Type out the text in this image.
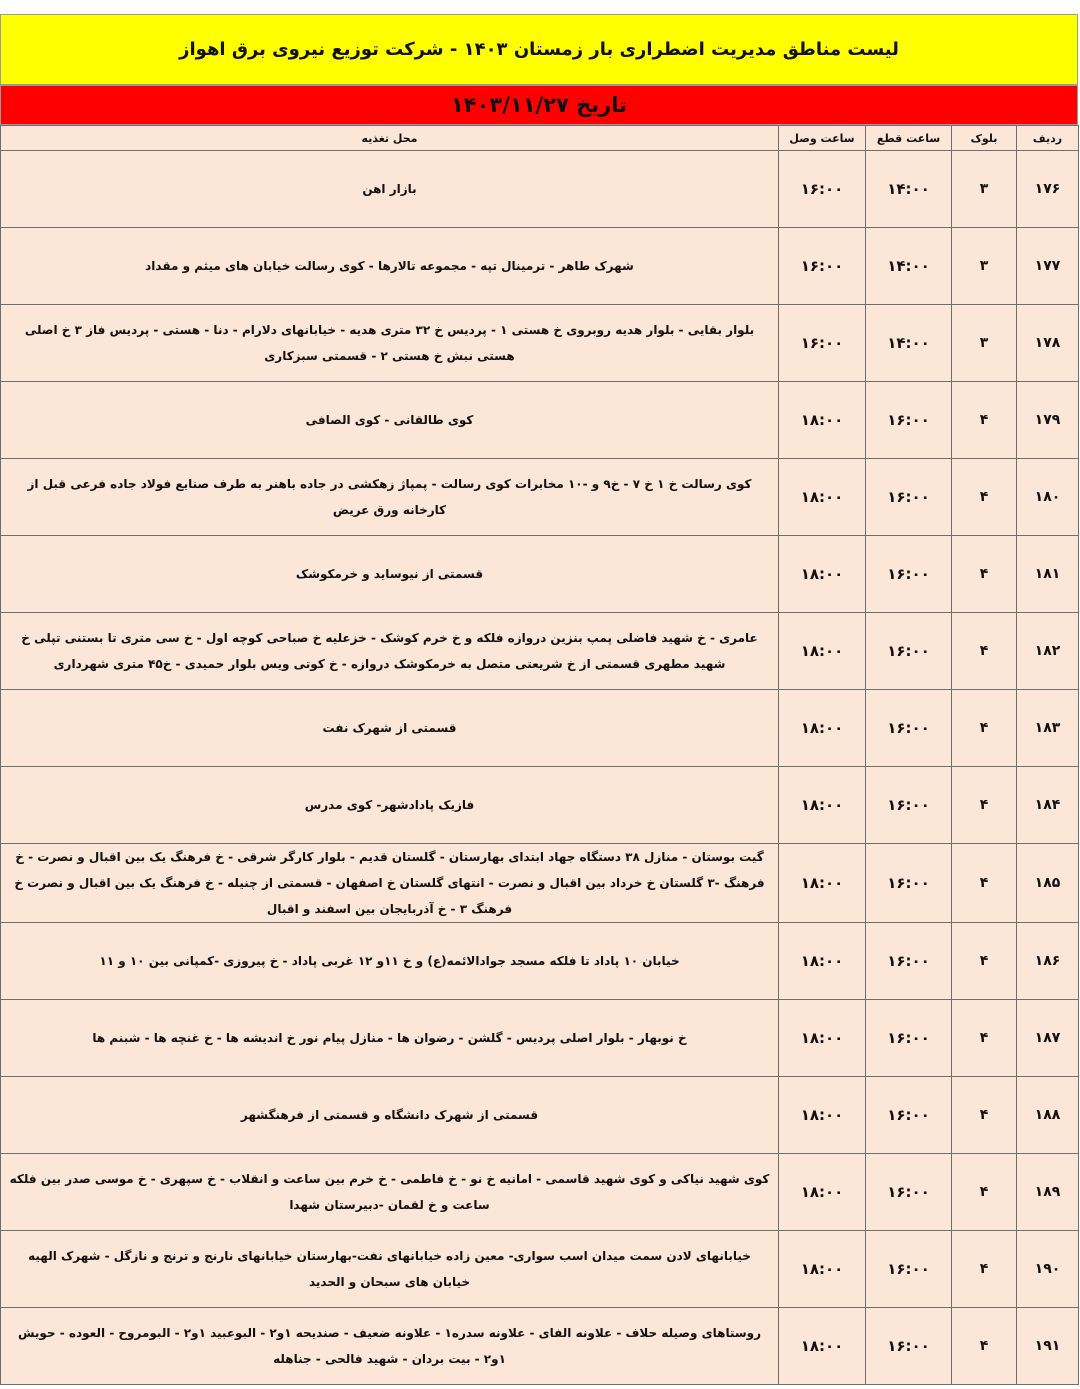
لیست مناطق مدیریت اضطراری بار زمستان ۱۴۰۳ - شرکت توزیع نیروی برق اهواز
تاریخ ۱۴۰۳/۱۱/۲۷
ردیف	بلوک	ساعت قطع	ساعت وصل	محل تغذیه
۱۷۶	۳	۱۴:۰۰	۱۶:۰۰	بازار اهن
۱۷۷	۳	۱۴:۰۰	۱۶:۰۰	شهرک طاهر - ترمینال تپه - مجموعه تالارها - کوی رسالت خیابان های میثم و مقداد
۱۷۸	۳	۱۴:۰۰	۱۶:۰۰	بلوار بقایی - بلوار هدیه روبروی خ هستی ۱ - پردیس خ ۳۲ متری هدیه - خیابانهای دلارام - دنا - هستی - پردیس فاز ۳ خ اصلی هستی نبش خ هستی ۲ - قسمتی سبزکاری
۱۷۹	۴	۱۶:۰۰	۱۸:۰۰	کوی طالقانی - کوی الصافی
۱۸۰	۴	۱۶:۰۰	۱۸:۰۰	کوی رسالت خ ۱ خ ۷ - خ۹ و -۱۰ مخابرات کوی رسالت - پمپاژ زهکشی در جاده باهنر به طرف صنایع فولاد جاده فرعی قبل از کارخانه ورق عریض
۱۸۱	۴	۱۶:۰۰	۱۸:۰۰	قسمتی از نیوساید و خرمکوشک
۱۸۲	۴	۱۶:۰۰	۱۸:۰۰	عامری - خ شهید فاضلی پمپ بنزین دروازه فلکه و خ خرم کوشک - خزعلیه خ صباحی کوچه اول - خ سی متری تا بستنی تپلی خ شهید مطهری قسمتی از خ شریعتی متصل به خرمکوشک دروازه - خ کوتی ویس بلوار حمیدی - خ۴۵ متری شهرداری
۱۸۳	۴	۱۶:۰۰	۱۸:۰۰	قسمتی از شهرک نفت
۱۸۴	۴	۱۶:۰۰	۱۸:۰۰	فازیک پادادشهر- کوی مدرس
۱۸۵	۴	۱۶:۰۰	۱۸:۰۰	گیت بوستان - منازل ۳۸ دستگاه جهاد ابتدای بهارستان - گلستان قدیم - بلوار کارگر شرقی - خ فرهنگ یک بین اقبال و نصرت - خ فرهنگ -۳ گلستان خ خرداد بین اقبال و نصرت - انتهای گلستان خ اصفهان - قسمتی از چنیله - خ فرهنگ یک بین اقبال و نصرت خ فرهنگ ۳ - خ آذربایجان بین اسفند و اقبال
۱۸۶	۴	۱۶:۰۰	۱۸:۰۰	خیابان ۱۰ پاداد تا فلکه مسجد جوادالائمه(ع) و خ ۱۱و ۱۲ غربی پاداد - خ پیروزی -کمپانی بین ۱۰ و ۱۱
۱۸۷	۴	۱۶:۰۰	۱۸:۰۰	خ نوبهار - بلوار اصلی پردیس - گلشن - رضوان ها - منازل پیام نور خ اندیشه ها - خ غنچه ها - شبنم ها
۱۸۸	۴	۱۶:۰۰	۱۸:۰۰	قسمتی از شهرک دانشگاه و قسمتی از فرهنگشهر
۱۸۹	۴	۱۶:۰۰	۱۸:۰۰	کوی شهید نیاکی و کوی شهید قاسمی - امانیه خ نو - خ فاطمی - خ خرم بین ساعت و انقلاب - خ سپهری - خ موسی صدر بین فلکه ساعت و خ لقمان -دبیرستان شهدا
۱۹۰	۴	۱۶:۰۰	۱۸:۰۰	خیابانهای لادن سمت میدان اسب سواری- معین زاده خیابانهای نفت-بهارستان خیابانهای نارنج و ترنج و نازگل - شهرک الهیه خیابان های سبحان و الحدید
۱۹۱	۴	۱۶:۰۰	۱۸:۰۰	روستاهای وصیله حلاف - علاونه الفای - علاونه سدره۱ - علاونه ضعیف - صندیحه ۱و۲ - البوعبید ۱و۲ - البومروح - العوده - حویش ۱و۲ - بیت بردان - شهید فالحی - جناهله
